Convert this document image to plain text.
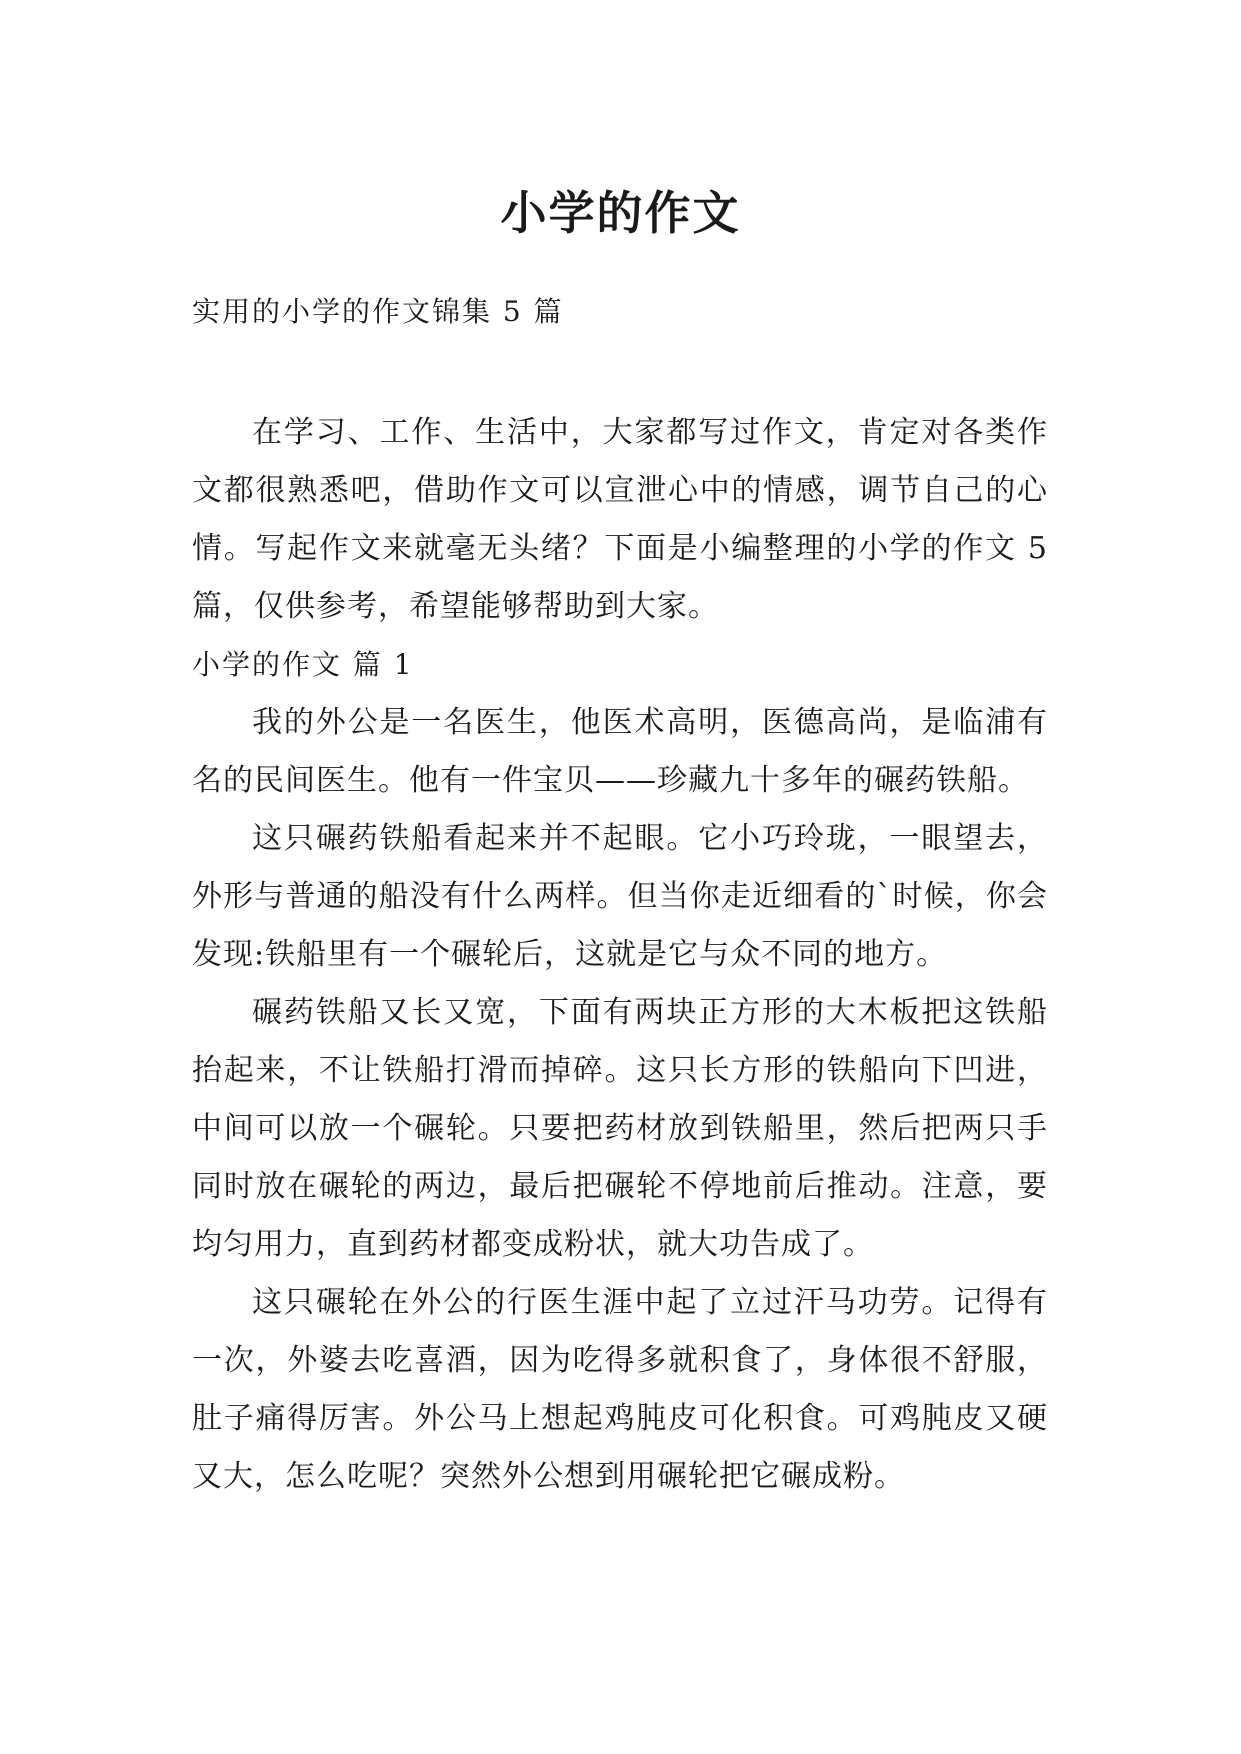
小学的作文
实用的小学的作文锦集 5 篇

在学习、工作、生活中，大家都写过作文，肯定对各类作文都很熟悉吧，借助作文可以宣泄心中的情感，调节自己的心情。写起作文来就毫无头绪？下面是小编整理的小学的作文 5 篇，仅供参考，希望能够帮助到大家。

小学的作文 篇 1

我的外公是一名医生，他医术高明，医德高尚，是临浦有名的民间医生。他有一件宝贝——珍藏九十多年的碾药铁船。

这只碾药铁船看起来并不起眼。它小巧玲珑，一眼望去，外形与普通的船没有什么两样。但当你走近细看的`时候，你会发现:铁船里有一个碾轮后，这就是它与众不同的地方。

碾药铁船又长又宽，下面有两块正方形的大木板把这铁船抬起来，不让铁船打滑而掉碎。这只长方形的铁船向下凹进，中间可以放一个碾轮。只要把药材放到铁船里，然后把两只手同时放在碾轮的两边，最后把碾轮不停地前后推动。注意，要均匀用力，直到药材都变成粉状，就大功告成了。

这只碾轮在外公的行医生涯中起了立过汗马功劳。记得有一次，外婆去吃喜酒，因为吃得多就积食了，身体很不舒服，肚子痛得厉害。外公马上想起鸡肫皮可化积食。可鸡肫皮又硬又大，怎么吃呢？突然外公想到用碾轮把它碾成粉。
